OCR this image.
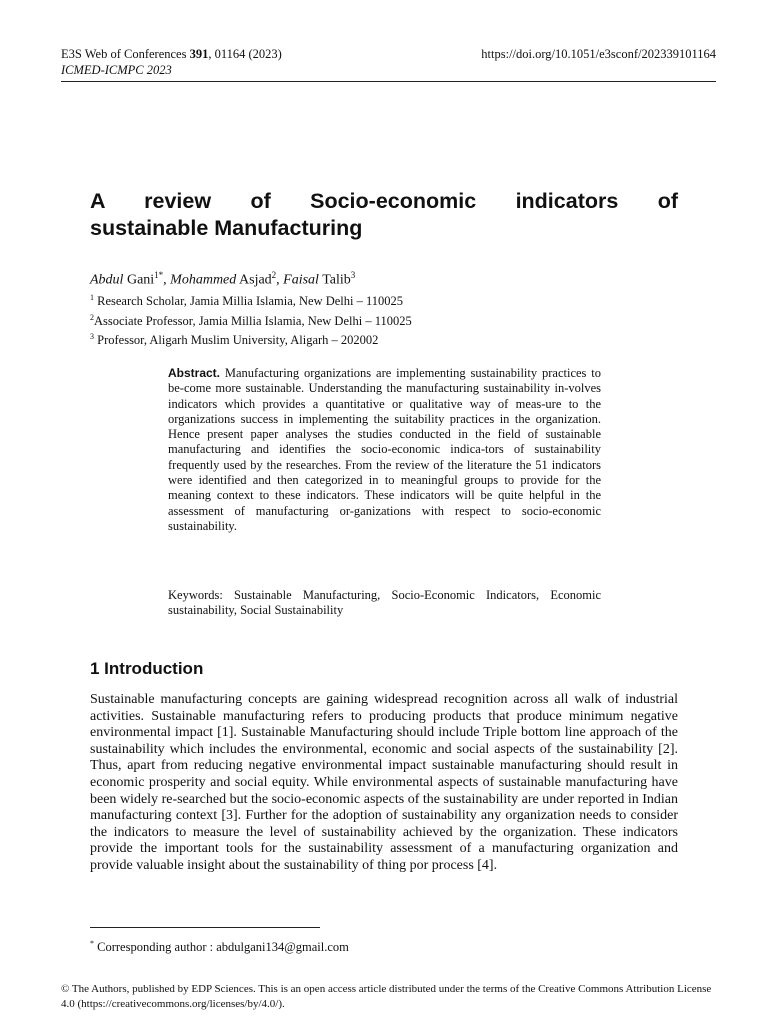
E3S Web of Conferences 391, 01164 (2023)
ICMED-ICMPC 2023
https://doi.org/10.1051/e3sconf/202339101164
A review of Socio-economic indicators of
sustainable Manufacturing
Abdul Gani$^{1*}$, Mohammed Asjad$^2$, Faisal Talib$^3$
$^1$ Research Scholar, Jamia Millia Islamia, New Delhi – 110025
$^2$Associate Professor, Jamia Millia Islamia, New Delhi – 110025
$^3$ Professor, Aligarh Muslim University, Aligarh – 202002
Abstract. Manufacturing organizations are implementing sustainability practices to be-come more sustainable. Understanding the manufacturing sustainability in-volves indicators which provides a quantitative or qualitative way of meas-ure to the organizations success in implementing the suitability practices in the organization. Hence present paper analyses the studies conducted in the field of sustainable manufacturing and identifies the socio-economic indica-tors of sustainability frequently used by the researches. From the review of the literature the 51 indicators were identified and then categorized in to meaningful groups to provide for the meaning context to these indicators. These indicators will be quite helpful in the assessment of manufacturing or-ganizations with respect to socio-economic sustainability.
Keywords: Sustainable Manufacturing, Socio-Economic Indicators, Economic sustainability, Social Sustainability
1 Introduction
Sustainable manufacturing concepts are gaining widespread recognition across all walk of industrial activities. Sustainable manufacturing refers to producing products that produce minimum negative environmental impact [1]. Sustainable Manufacturing should include Triple bottom line approach of the sustainability which includes the environmental, economic and social aspects of the sustainability [2]. Thus, apart from reducing negative environmental impact sustainable manufacturing should result in economic prosperity and social equity. While environmental aspects of sustainable manufacturing have been widely re-searched but the socio-economic aspects of the sustainability are under reported in Indian manufacturing context [3]. Further for the adoption of sustainability any organization needs to consider the indicators to measure the level of sustainability achieved by the organization. These indicators provide the important tools for the sustainability assessment of a manufacturing organization and provide valuable insight about the sustainability of thing por process [4].
* Corresponding author : abdulgani134@gmail.com
© The Authors, published by EDP Sciences. This is an open access article distributed under the terms of the Creative Commons Attribution License 4.0 (https://creativecommons.org/licenses/by/4.0/).
